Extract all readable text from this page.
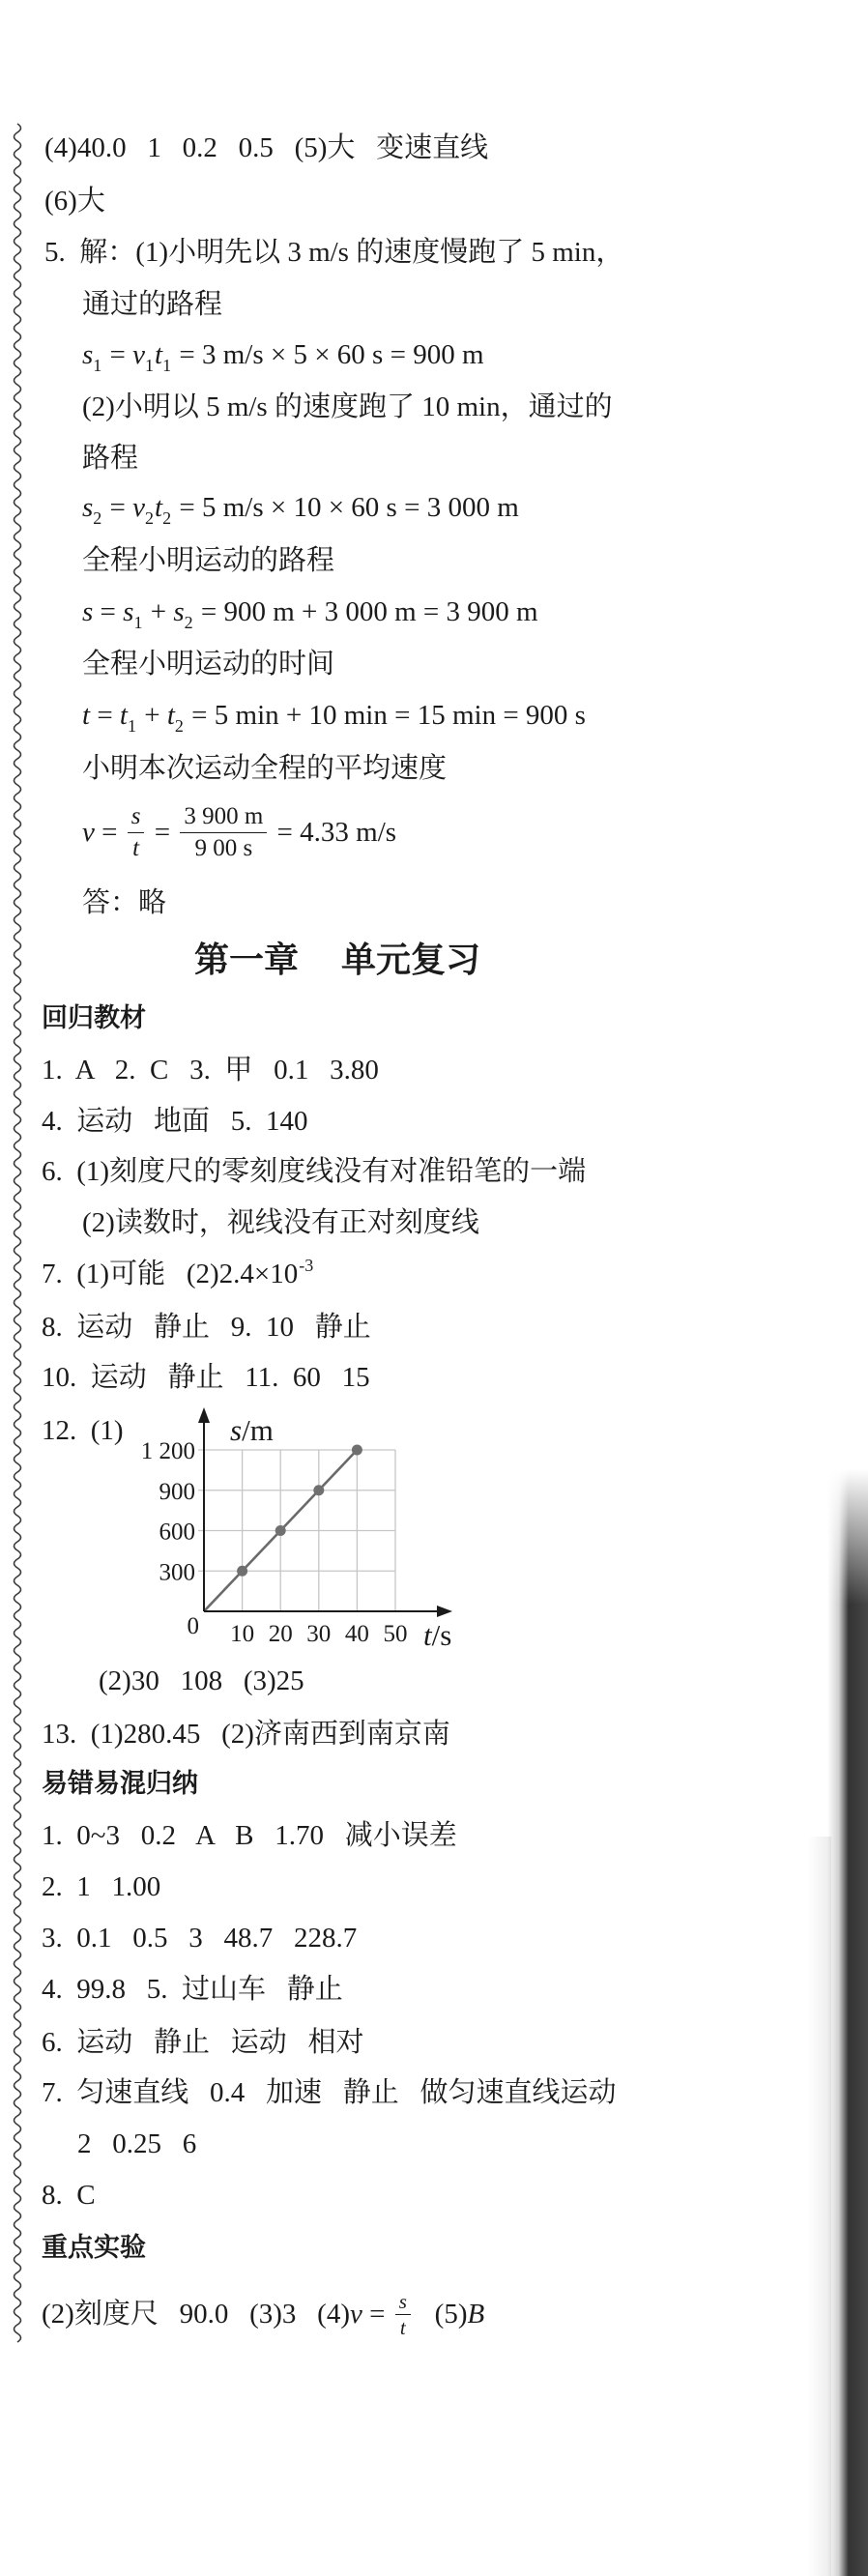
(4)40.0   1   0.2   0.5   (5)大   变速直线
(6)大
5.  解：(1)小明先以 3 m/s 的速度慢跑了 5 min，
通过的路程
$s_1 = v_1t_1 = 3$ m/s × 5 × 60 s = 900 m
(2)小明以 5 m/s 的速度跑了 10 min，通过的
路程
$s_2 = v_2t_2 = 5$ m/s × 10 × 60 s = 3 000 m
全程小明运动的路程
$s = s_1 + s_2 = 900$ m + 3 000 m = 3 900 m
全程小明运动的时间
$t = t_1 + t_2 = 5$ min + 10 min = 15 min = 900 s
小明本次运动全程的平均速度
$v = \frac{s}{t} = \frac{3 900 m}{9 00 s} = 4.33$ m/s
答：略
第一章 单元复习
回归教材
1.  A   2.  C   3.  甲   0.1   3.80
4.  运动   地面   5.  140
6.  (1)刻度尺的零刻度线没有对准铅笔的一端
(2)读数时，视线没有正对刻度线
7.  (1)可能   $(2)2.4\times 10^{-3}$
8.  运动   静止   9.  10   静止
10.  运动   静止   11.  60   15
12.  (1)
10 20 30 40 50
300
600
900
1 200
0
s/m
t/s
(2)30   108   (3)25
13.  (1)280.45   (2)济南西到南京南
易错易混归纳
1.  0~3   0.2   A   B   1.70   减小误差
2.  1   1.00
3.  0.1   0.5   3   48.7   228.7
4.  99.8   5.  过山车   静止
6.  运动   静止   运动   相对
7.  匀速直线   0.4   加速   静止   做匀速直线运动
2   0.25   6
8.  C
重点实验
(2)刻度尺   90.0 (3)3 (4) $v = \frac{s}{t} (5)$ B
